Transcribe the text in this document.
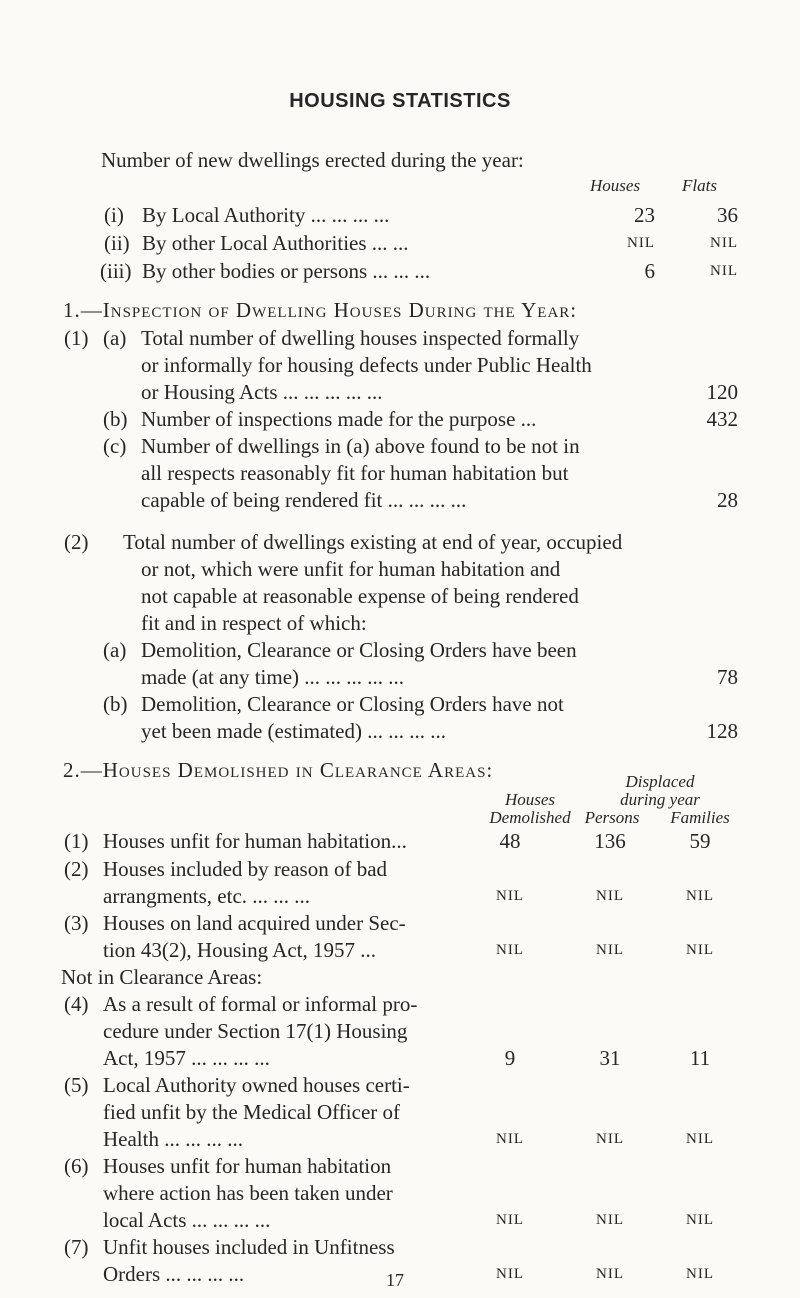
HOUSING STATISTICS
Number of new dwellings erected during the year:
Houses Flats
(i) By Local Authority ... ... ... ...	23	36
(ii) By other Local Authorities ... ...	NIL	NIL
(iii) By other bodies or persons ... ... ...	6	NIL
1.—Inspection of Dwelling Houses During the Year:
(1) (a) Total number of dwelling houses inspected formally
or informally for housing defects under Public Health
or Housing Acts ... ... ... ... ...	120
(b) Number of inspections made for the purpose ...	432
(c) Number of dwellings in (a) above found to be not in
all respects reasonably fit for human habitation but
capable of being rendered fit ... ... ... ...	28
(2) Total number of dwellings existing at end of year, occupied
or not, which were unfit for human habitation and
not capable at reasonable expense of being rendered
fit and in respect of which:
(a) Demolition, Clearance or Closing Orders have been
made (at any time) ... ... ... ... ...	78
(b) Demolition, Clearance or Closing Orders have not
yet been made (estimated) ... ... ... ...	128
2.—Houses Demolished in Clearance Areas:
Houses
Demolished
Displaced
during year
Persons	Families
(1) Houses unfit for human habitation...	48	136	59
(2) Houses included by reason of bad
arrangments, etc. ... ... ...	NIL	NIL	NIL
(3) Houses on land acquired under Sec-
tion 43(2), Housing Act, 1957 ...	NIL	NIL	NIL
Not in Clearance Areas:
(4) As a result of formal or informal pro-
cedure under Section 17(1) Housing
Act, 1957 ... ... ... ...	9	31	11
(5) Local Authority owned houses certi-
fied unfit by the Medical Officer of
Health ... ... ... ...	NIL	NIL	NIL
(6) Houses unfit for human habitation
where action has been taken under
local Acts ... ... ... ...	NIL	NIL	NIL
(7) Unfit houses included in Unfitness
Orders ... ... ... ...	NIL	NIL	NIL
17
